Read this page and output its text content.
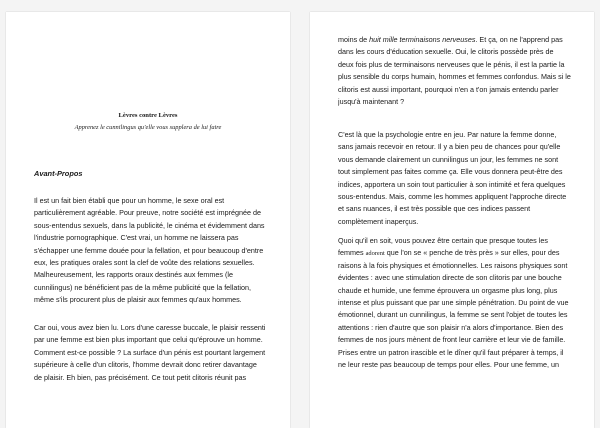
Lèvres contre Lèvres
Apprenez le cunnilingus qu'elle vous supplera de lui faire
Avant-Propos
Il est un fait bien établi que pour un homme, le sexe oral est
particulièrement agréable. Pour preuve, notre société est imprégnée de
sous-entendus sexuels, dans la publicité, le cinéma et évidemment dans
l'industrie pornographique. C'est vrai, un homme ne laissera pas
s'échapper une femme douée pour la fellation, et pour beaucoup d'entre
eux, les pratiques orales sont la clef de voûte des relations sexuelles.
Malheureusement, les rapports oraux destinés aux femmes (le
cunnilingus) ne bénéficient pas de la même publicité que la fellation,
même s'ils procurent plus de plaisir aux femmes qu'aux hommes.
Car oui, vous avez bien lu. Lors d'une caresse buccale, le plaisir ressenti
par une femme est bien plus important que celui qu'éprouve un homme.
Comment est-ce possible ? La surface d'un pénis est pourtant largement
supérieure à celle d'un clitoris, l'homme devrait donc retirer davantage
de plaisir. Eh bien, pas précisément. Ce tout petit clitoris réunit pas
moins de huit mille terminaisons nerveuses. Et ça, on ne l'apprend pas
dans les cours d'éducation sexuelle. Oui, le clitoris possède près de
deux fois plus de terminaisons nerveuses que le pénis, il est la partie la
plus sensible du corps humain, hommes et femmes confondus. Mais si le
clitoris est aussi important, pourquoi n'en a t'on jamais entendu parler
jusqu'à maintenant ?
C'est là que la psychologie entre en jeu. Par nature la femme donne,
sans jamais recevoir en retour. Il y a bien peu de chances pour qu'elle
vous demande clairement un cunnilingus un jour, les femmes ne sont
tout simplement pas faites comme ça. Elle vous donnera peut-être des
indices, apportera un soin tout particulier à son intimité et fera quelques
sous-entendus. Mais, comme les hommes appliquent l'approche directe
et sans nuances, il est très possible que ces indices passent
complètement inaperçus.
Quoi qu'il en soit, vous pouvez être certain que presque toutes les
femmes adorent que l'on se « penche de très près » sur elles, pour des
raisons à la fois physiques et émotionnelles. Les raisons physiques sont
évidentes : avec une stimulation directe de son clitoris par une bouche
chaude et humide, une femme éprouvera un orgasme plus long, plus
intense et plus puissant que par une simple pénétration. Du point de vue
émotionnel, durant un cunnilingus, la femme se sent l'objet de toutes les
attentions : rien d'autre que son plaisir n'a alors d'importance. Bien des
femmes de nos jours mènent de front leur carrière et leur vie de famille.
Prises entre un patron irascible et le dîner qu'il faut préparer à temps, il
ne leur reste pas beaucoup de temps pour elles. Pour une femme, un
